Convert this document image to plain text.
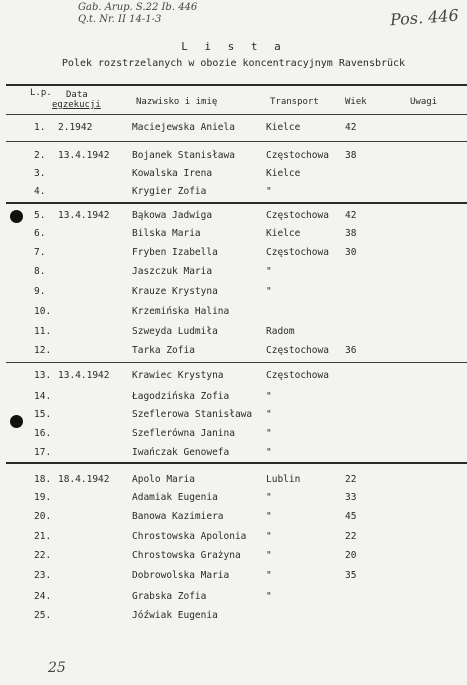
Gab. Arup. S.22 Ib. 446
Q.t. Nr. II 14-1-3	Pos. 446
L i s t a
Polek rozstrzelanych w obozie koncentracyjnym Ravensbrück
L.p.	Data
egzekucji	Nazwisko i imię	Transport	Wiek	Uwagi
1. 2.1942	Maciejewska Aniela	Kielce	42
2. 13.4.1942 Bojanek Stanisława	Częstochowa 38
3.	Kowalska Irena	Kielce
4.	Krygier Zofia	"
5. 13.4.1942 Bąkowa Jadwiga	Częstochowa 42
6.	Bilska Maria	Kielce	38
7.	Fryben Izabella	Częstochowa 30
8.	Jaszczuk Maria	"
9.	Krauze Krystyna	"
10.	Krzemińska Halina
11.	Szweyda Ludmiła	Radom
12.	Tarka Zofia	Częstochowa 36
13. 13.4.1942 Krawiec Krystyna	Częstochowa
14.	Łagodzińska Zofia	"
15.	Szeflerowa Stanisława "
16.	Szeflerówna Janina	"
17.	Iwańczak Genowefa	"
18. 18.4.1942 Apolo Maria	Lublin	22
19.	Adamiak Eugenia	"	33
20.	Banowa Kazimiera	"	45
21.	Chrostowska Apolonia "	22
22.	Chrostowska Grażyna	"	20
23.	Dobrowolska Maria	"	35
24.	Grabska Zofia	"
25.	Jóźwiak Eugenia
25
